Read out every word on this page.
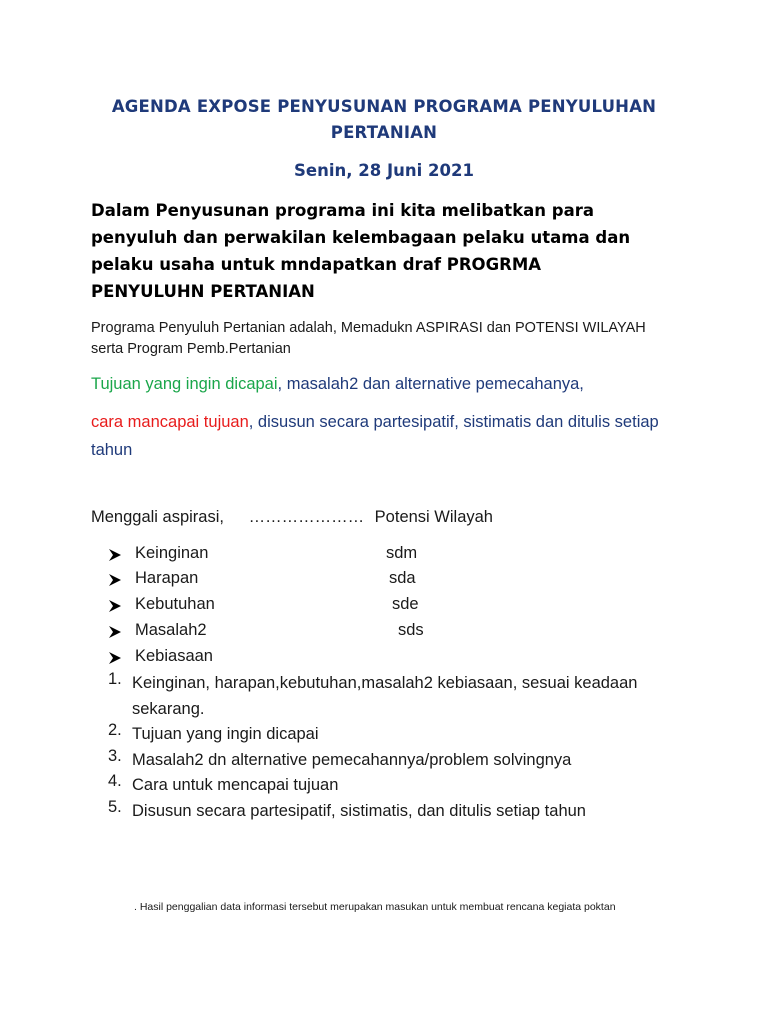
AGENDA EXPOSE PENYUSUNAN PROGRAMA PENYULUHAN
PERTANIAN
Senin, 28 Juni 2021
Dalam Penyusunan programa ini kita melibatkan para
penyuluh dan perwakilan kelembagaan pelaku utama dan
pelaku usaha untuk mndapatkan draf PROGRMA
PENYULUHN PERTANIAN
Programa Penyuluh Pertanian adalah, Memadukn ASPIRASI dan POTENSI WILAYAH
serta Program Pemb.Pertanian
Tujuan yang ingin dicapai, masalah2 dan alternative pemecahanya,
cara mancapai tujuan, disusun secara partesipatif, sistimatis dan ditulis setiap
tahun
Menggali aspirasi, ………………… Potensi Wilayah
Keinginan	sdm
Harapan	sda
Kebutuhan	sde
Masalah2	sds
Kebiasaan
1. Keinginan, harapan,kebutuhan,masalah2 kebiasaan, sesuai keadaan
sekarang.
2. Tujuan yang ingin dicapai
3. Masalah2 dn alternative pemecahannya/problem solvingnya
4. Cara untuk mencapai tujuan
5. Disusun secara partesipatif, sistimatis, dan ditulis setiap tahun
. Hasil penggalian data informasi tersebut merupakan masukan untuk membuat rencana kegiata poktan
